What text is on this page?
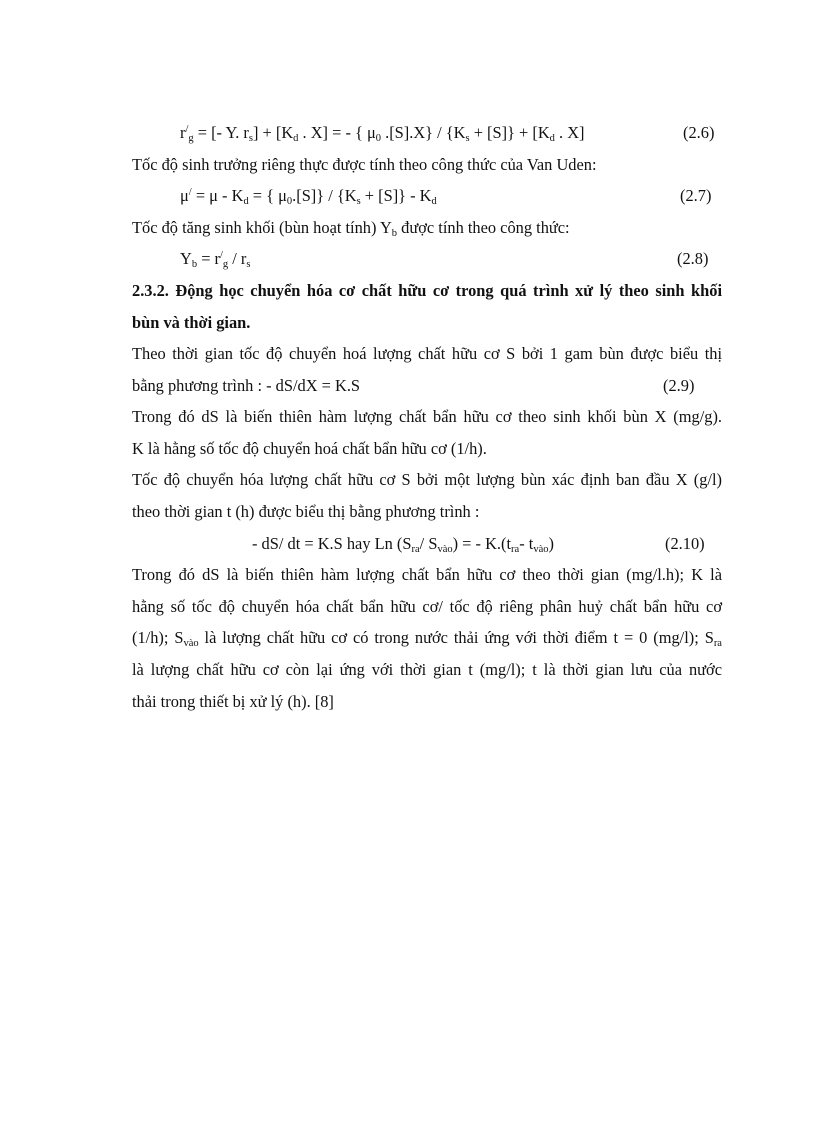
$r^/_g$ = [- Y. $r_s] + [K_d$ . X] = - { $\mu_0$ $.[S].X\} / \{K_s + [S]\} + [K_d$ . X]	(2.6)
Tốc độ sinh trưởng riêng thực được tính theo công thức của Van Uden:
$\mu^/ = \mu - K_d$ = { $\mu_0.[S]\} / \{K_s + [S]\} - K_d$	(2.7)
Tốc độ tăng sinh khối (bùn hoạt tính) $Y_b$ được tính theo công thức:
$Y_b = r^/_g / r_s$	(2.8)
2.3.2. Động học chuyển hóa cơ chất hữu cơ trong quá trình xử lý theo sinh khối
bùn và thời gian.
Theo thời gian tốc độ chuyển hoá lượng chất hữu cơ S bởi 1 gam bùn được biểu thị
bằng phương trình : - dS/dX = K.S	(2.9)
Trong đó dS là biến thiên hàm lượng chất bẩn hữu cơ theo sinh khối bùn X (mg/g).
K là hằng số tốc độ chuyển hoá chất bẩn hữu cơ (1/h).
Tốc độ chuyển hóa lượng chất hữu cơ S bởi một lượng bùn xác định ban đầu X (g/l)
theo thời gian t (h) được biểu thị bằng phương trình :
- dS/ dt = K.S hay Ln ($S_{ra}/$ $S_{vào}$) = - $K.(t_{ra}-$ $t_{vào}$)	(2.10)
Trong đó dS là biến thiên hàm lượng chất bẩn hữu cơ theo thời gian (mg/l.h); K là
hằng số tốc độ chuyển hóa chất bẩn hữu cơ/ tốc độ riêng phân huỷ chất bẩn hữu cơ
(1/h); $S_{vào}$ là lượng chất hữu cơ có trong nước thải ứng với thời điểm t = 0 (mg/l); $S_{ra}$
là lượng chất hữu cơ còn lại ứng với thời gian t (mg/l); t là thời gian lưu của nước
thải trong thiết bị xử lý (h). [8]
